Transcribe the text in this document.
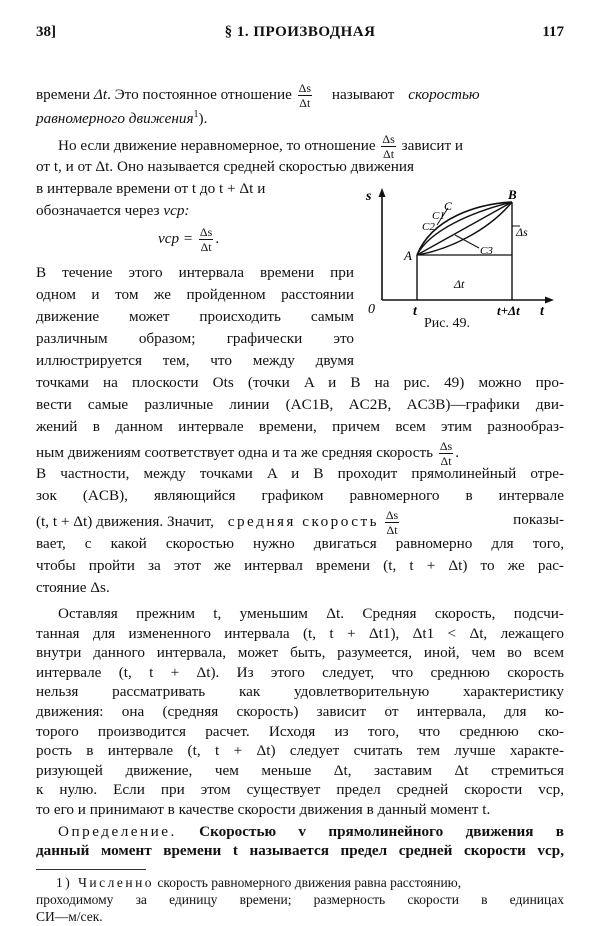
38]	§ 1. ПРОИЗВОДНАЯ	117
времени Δt. Это постоянное отношение $\frac{\Delta s}{\Delta t}$ называют скоростью
равномерного движения$^1$).
Но если движение неравномерное, то отношение $\frac{\Delta s}{\Delta t}$ зависит и
от t, и от Δt. Оно называется средней скоростью движения
в интервале времени от t до t + Δt и
обозначается через vср:
vср = $\frac{\Delta s}{\Delta t}$ .
В течение этого интервала времени при
одном и том же пройденном расстоянии
движение может происходить самым
различным образом; графически это
иллюстрируется тем, что между двумя
точками на плоскости Ots (точки A и B на рис. 49) можно про-
вести самые различные линии (AC1B, AC2B, AC3B)—графики дви-
жений в данном интервале времени, причем всем этим разнообраз-
ным движениям соответствует одна и та же средняя скорость $\frac{\Delta s}{\Delta t}$ .
В частности, между точками A и B проходит прямолинейный отре-
зок (ACB), являющийся графиком равномерного в интервале
(t, t + Δt) движения. Значит, средняя скорость $\frac{\Delta s}{\Delta t}$	показы-
вает, с какой скоростью нужно двигаться равномерно для того,
чтобы пройти за этот же интервал времени (t, t + Δt) то же рас-
стояние Δs.
s
0	t	t+Δt t
A
B
C
C1
C2
C3
Δt
Δs
Рис. 49.
Оставляя прежним t, уменьшим Δt. Средняя скорость, подсчи-
танная для измененного интервала (t, t + Δt1), Δt1 < Δt, лежащего
внутри данного интервала, может быть, разумеется, иной, чем во всем
интервале (t, t + Δt). Из этого следует, что среднюю скорость
нельзя рассматривать как удовлетворительную характеристику
движения: она (средняя скорость) зависит от интервала, для ко-
торого производится расчет. Исходя из того, что среднюю ско-
рость в интервале (t, t + Δt) следует считать тем лучше характе-
ризующей движение, чем меньше Δt, заставим Δt стремиться
к нулю. Если при этом существует предел средней скорости vср,
то его и принимают в качестве скорости движения в данный момент t.
Определение. Скоростью v прямолинейного движения в
данный момент времени t называется предел средней скорости vср,
1) Численно скорость равномерного движения равна расстоянию,
проходимому за единицу времени; размерность скорости в единицах
СИ—м/сек.
